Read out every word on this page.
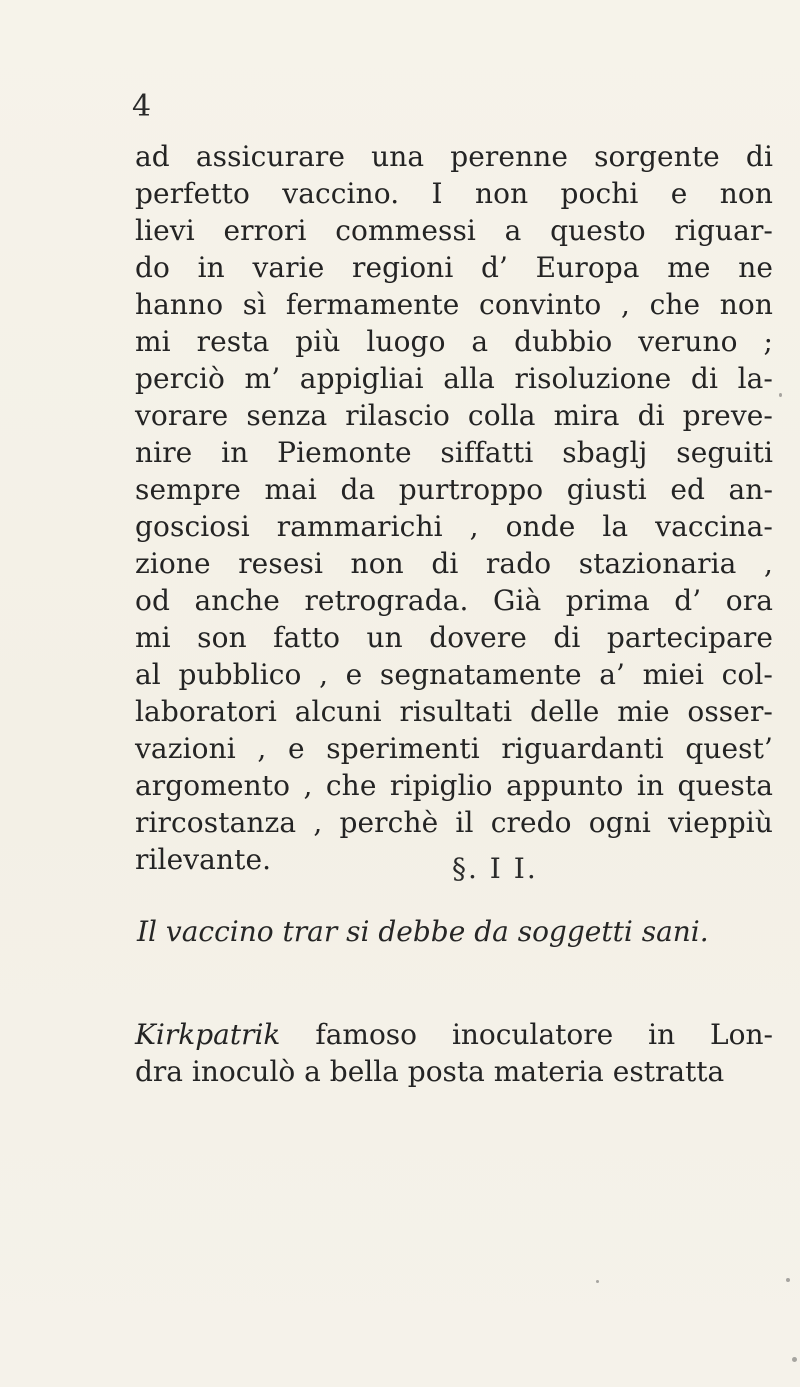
4
ad assicurare una perenne sorgente di
perfetto vaccino. I non pochi e non
lievi errori commessi a questo riguar-
do in varie regioni d’ Europa me ne
hanno sì fermamente convinto , che non
mi resta più luogo a dubbio veruno ;
perciò m’ appigliai alla risoluzione di la-
vorare senza rilascio colla mira di preve-
nire in Piemonte siffatti sbaglj seguiti
sempre mai da purtroppo giusti ed an-
gosciosi rammarichi , onde la vaccina-
zione resesi non di rado stazionaria ,
od anche retrograda. Già prima d’ ora
mi son fatto un dovere di partecipare
al pubblico , e segnatamente a’ miei col-
laboratori alcuni risultati delle mie osser-
vazioni , e sperimenti riguardanti quest’
argomento , che ripiglio appunto in questa
rircostanza , perchè il credo ogni vieppiù
rilevante.	§. I I.
Il vaccino trar si debbe da soggetti sani.
Kirkpatrik famoso inoculatore in Lon-
dra inoculò a bella posta materia estratta
